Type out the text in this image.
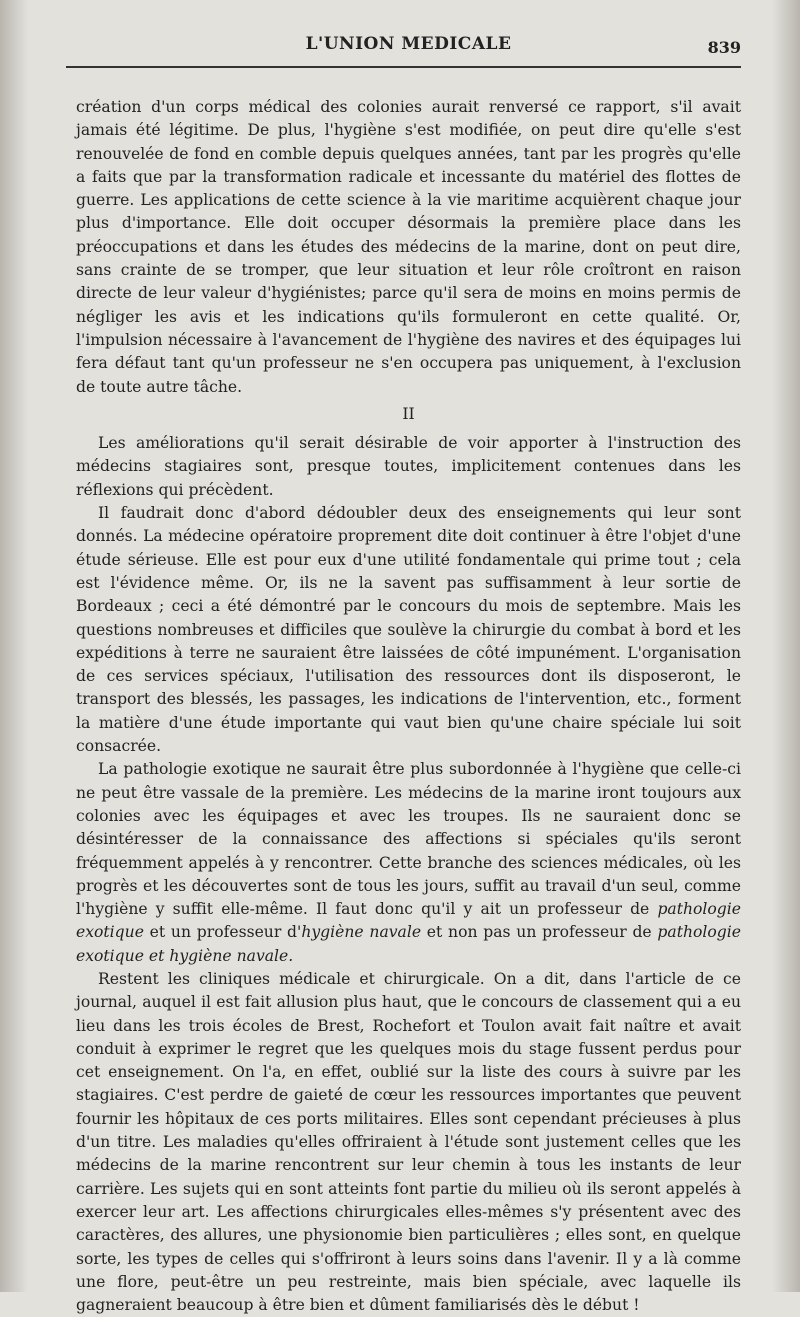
L'UNION MEDICALE	839

création d'un corps médical des colonies aurait renversé ce rapport, s'il avait jamais été légitime. De plus, l'hygiène s'est modifiée, on peut dire qu'elle s'est renouvelée de fond en comble depuis quelques années, tant par les progrès qu'elle a faits que par la transformation radicale et incessante du matériel des flottes de guerre. Les applications de cette science à la vie maritime acquièrent chaque jour plus d'importance. Elle doit occuper désormais la première place dans les préoccupations et dans les études des médecins de la marine, dont on peut dire, sans crainte de se tromper, que leur situation et leur rôle croîtront en raison directe de leur valeur d'hygiénistes; parce qu'il sera de moins en moins permis de négliger les avis et les indications qu'ils formuleront en cette qualité. Or, l'impulsion nécessaire à l'avancement de l'hygiène des navires et des équipages lui fera défaut tant qu'un professeur ne s'en occupera pas uniquement, à l'exclusion de toute autre tâche.

II

Les améliorations qu'il serait désirable de voir apporter à l'instruction des médecins stagiaires sont, presque toutes, implicitement contenues dans les réflexions qui précèdent.

Il faudrait donc d'abord dédoubler deux des enseignements qui leur sont donnés. La médecine opératoire proprement dite doit continuer à être l'objet d'une étude sérieuse. Elle est pour eux d'une utilité fondamentale qui prime tout ; cela est l'évidence même. Or, ils ne la savent pas suffisamment à leur sortie de Bordeaux ; ceci a été démontré par le concours du mois de septembre. Mais les questions nombreuses et difficiles que soulève la chirurgie du combat à bord et les expéditions à terre ne sauraient être laissées de côté impunément. L'organisation de ces services spéciaux, l'utilisation des ressources dont ils disposeront, le transport des blessés, les passages, les indications de l'intervention, etc., forment la matière d'une étude importante qui vaut bien qu'une chaire spéciale lui soit consacrée.

La pathologie exotique ne saurait être plus subordonnée à l'hygiène que celle-ci ne peut être vassale de la première. Les médecins de la marine iront toujours aux colonies avec les équipages et avec les troupes. Ils ne sauraient donc se désintéresser de la connaissance des affections si spéciales qu'ils seront fréquemment appelés à y rencontrer. Cette branche des sciences médicales, où les progrès et les découvertes sont de tous les jours, suffit au travail d'un seul, comme l'hygiène y suffit elle-même. Il faut donc qu'il y ait un professeur de pathologie exotique et un professeur d'hygiène navale et non pas un professeur de pathologie exotique et hygiène navale.

Restent les cliniques médicale et chirurgicale. On a dit, dans l'article de ce journal, auquel il est fait allusion plus haut, que le concours de classement qui a eu lieu dans les trois écoles de Brest, Rochefort et Toulon avait fait naître et avait conduit à exprimer le regret que les quelques mois du stage fussent perdus pour cet enseignement. On l'a, en effet, oublié sur la liste des cours à suivre par les stagiaires. C'est perdre de gaieté de cœur les ressources importantes que peuvent fournir les hôpitaux de ces ports militaires. Elles sont cependant précieuses à plus d'un titre. Les maladies qu'elles offriraient à l'étude sont justement celles que les médecins de la marine rencontrent sur leur chemin à tous les instants de leur carrière. Les sujets qui en sont atteints font partie du milieu où ils seront appelés à exercer leur art. Les affections chirurgicales elles-mêmes s'y présentent avec des caractères, des allures, une physionomie bien particulières ; elles sont, en quelque sorte, les types de celles qui s'offriront à leurs soins dans l'avenir. Il y a là comme une flore, peut-être un peu restreinte, mais bien spéciale, avec laquelle ils gagneraient beaucoup à être bien et dûment familiarisés dès le début !
